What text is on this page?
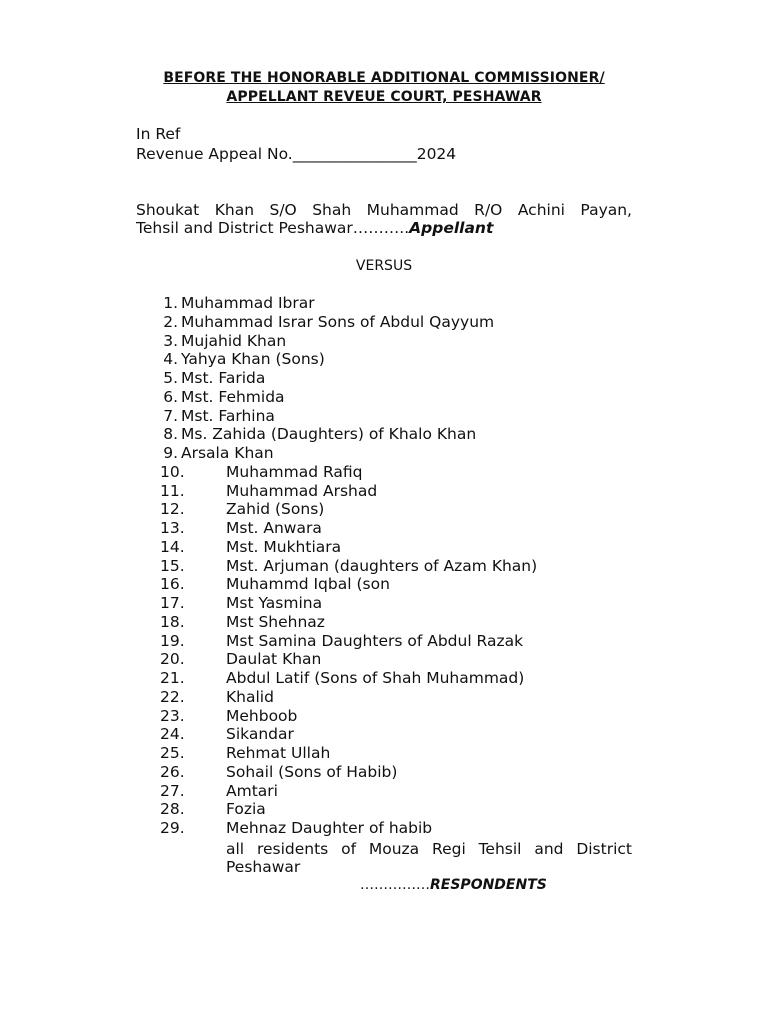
BEFORE THE HONORABLE ADDITIONAL COMMISSIONER/
APPELLANT REVEUE COURT, PESHAWAR
In Ref
Revenue Appeal No.________________2024
Shoukat Khan S/O Shah Muhammad R/O Achini Payan,
Tehsil and District Peshawar………..Appellant
VERSUS
1. Muhammad Ibrar
2. Muhammad Israr Sons of Abdul Qayyum
3. Mujahid Khan
4. Yahya Khan (Sons)
5. Mst. Farida
6. Mst. Fehmida
7. Mst. Farhina
8. Ms. Zahida (Daughters) of Khalo Khan
9. Arsala Khan
10.	Muhammad Rafiq
11.	Muhammad Arshad
12.	Zahid (Sons)
13.	Mst. Anwara
14.	Mst. Mukhtiara
15.	Mst. Arjuman (daughters of Azam Khan)
16.	Muhammd Iqbal (son
17.	Mst Yasmina
18.	Mst Shehnaz
19.	Mst Samina Daughters of Abdul Razak
20.	Daulat Khan
21.	Abdul Latif (Sons of Shah Muhammad)
22.	Khalid
23.	Mehboob
24.	Sikandar
25.	Rehmat Ullah
26.	Sohail (Sons of Habib)
27.	Amtari
28.	Fozia
29.	Mehnaz Daughter of habib
all residents of Mouza Regi Tehsil and District
Peshawar
……………RESPONDENTS
